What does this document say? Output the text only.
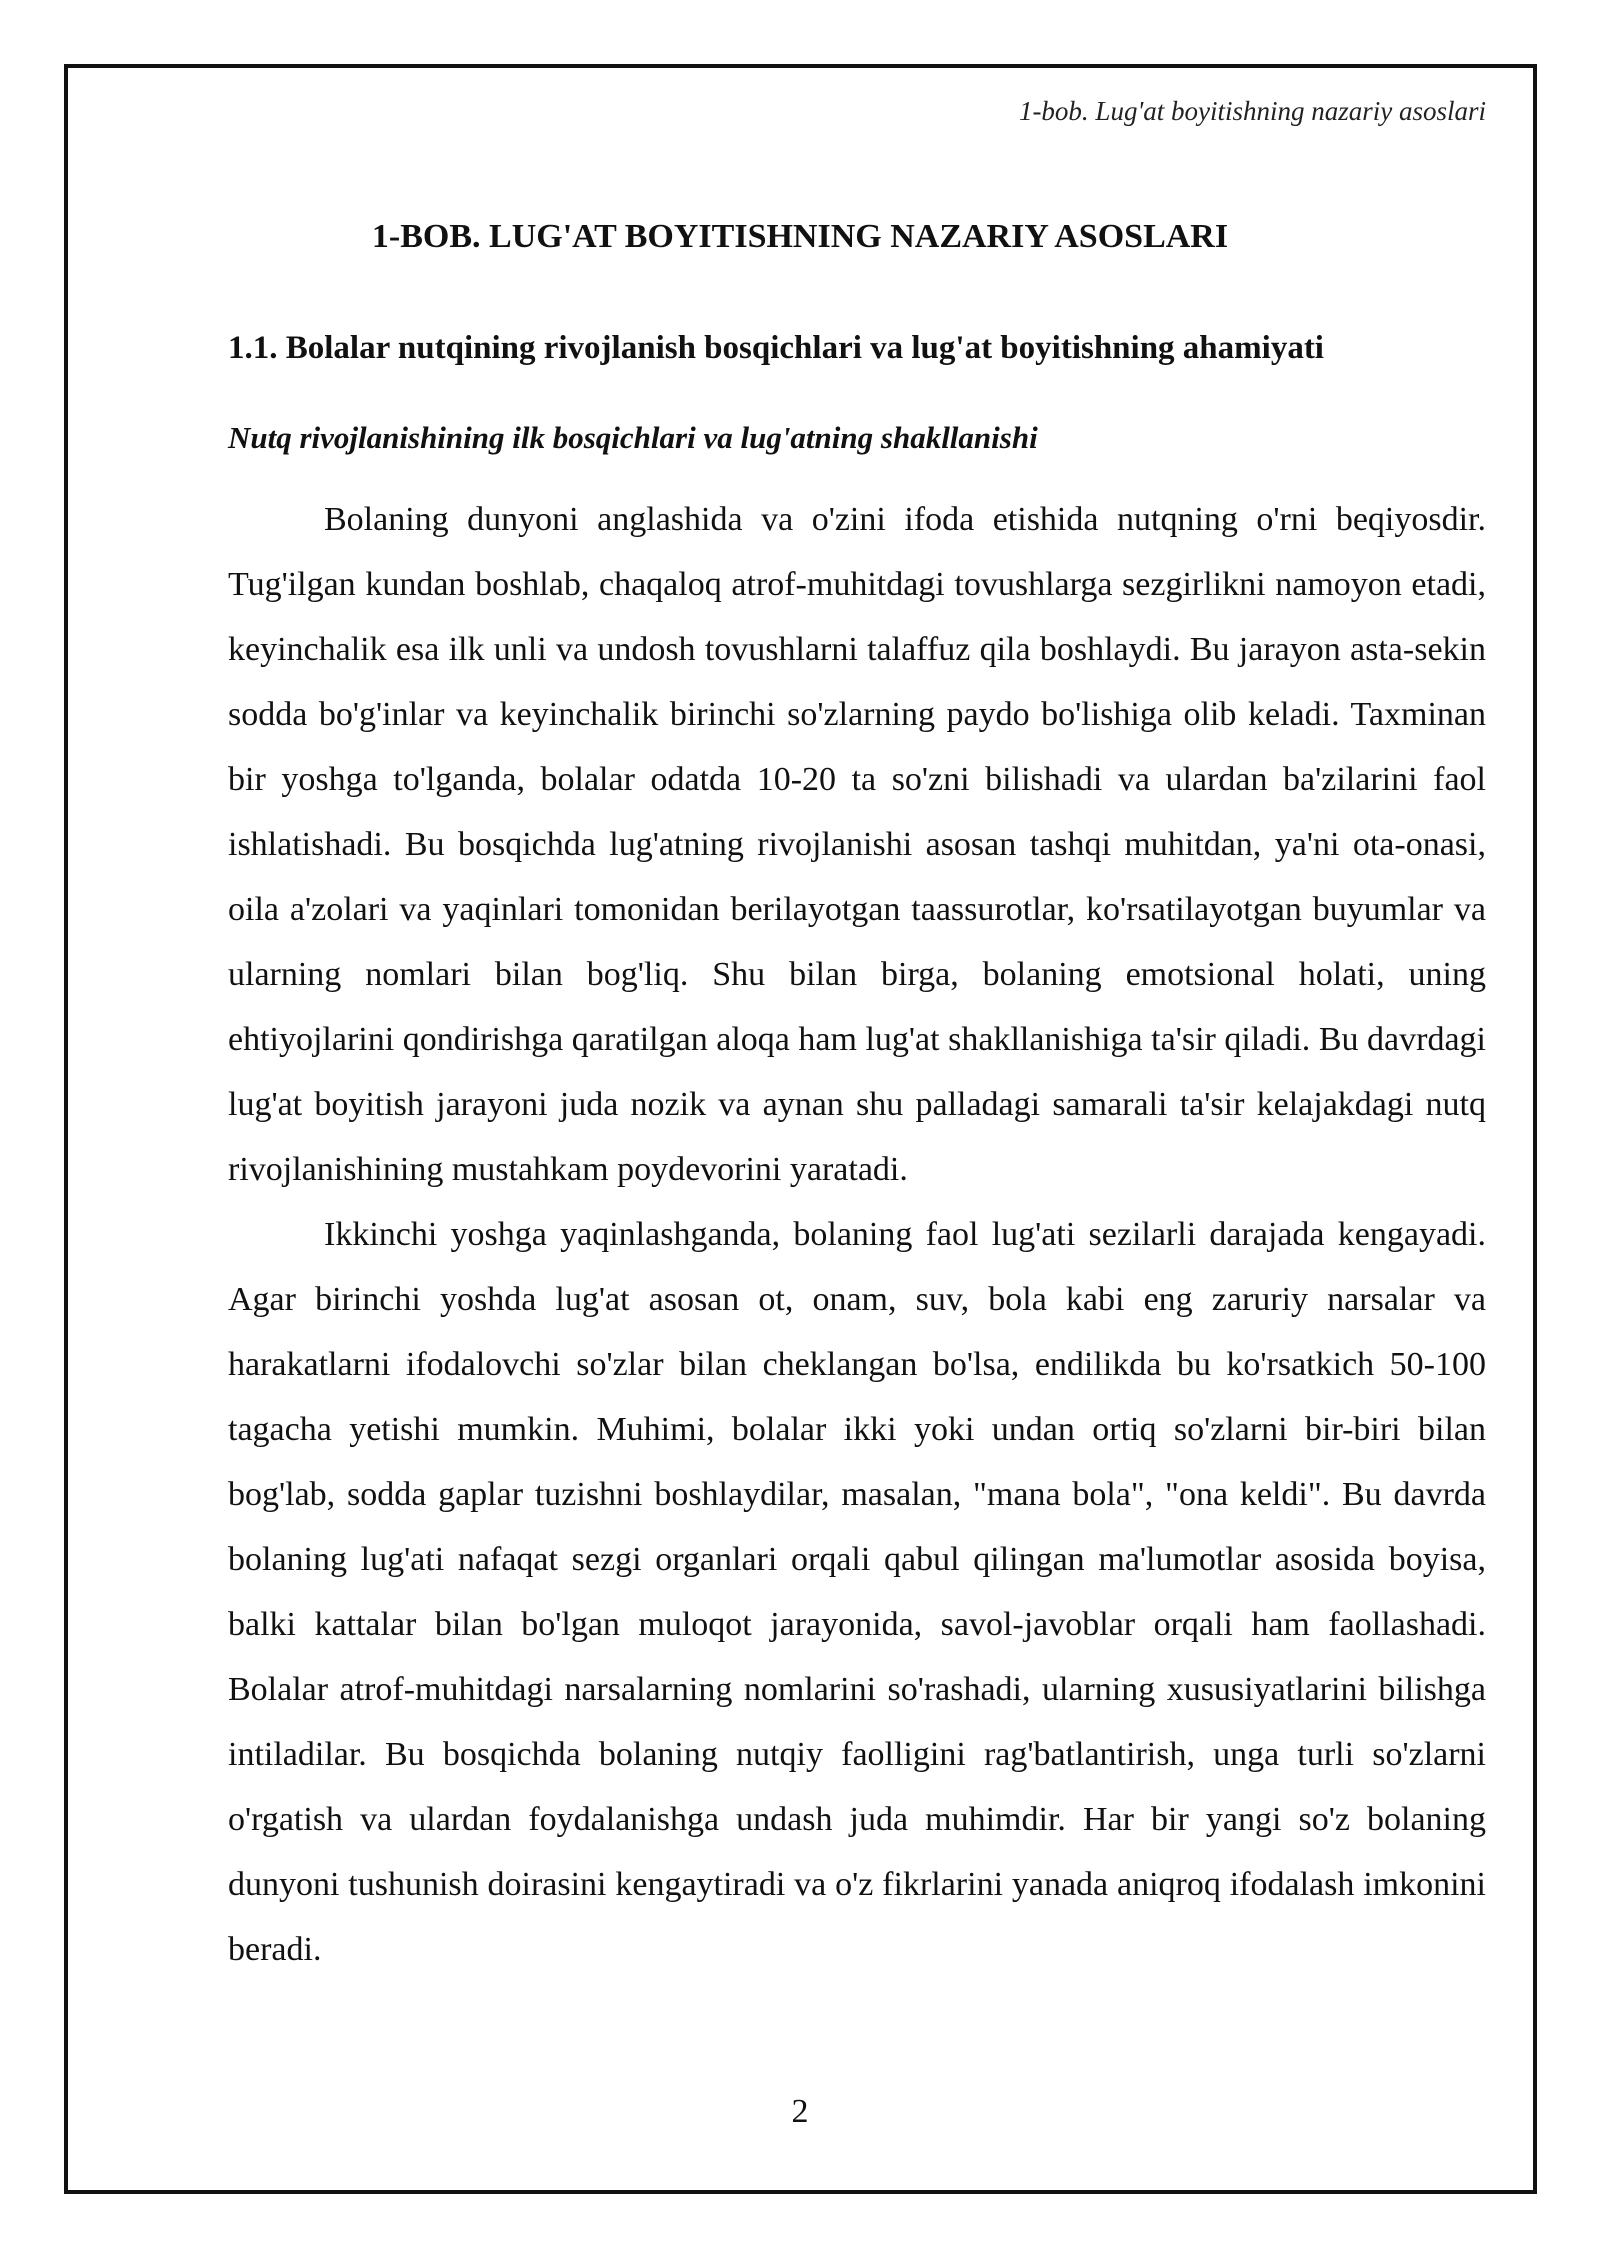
1-bob. Lug'at boyitishning nazariy asoslari
1-BOB. LUG'AT BOYITISHNING NAZARIY ASOSLARI
1.1. Bolalar nutqining rivojlanish bosqichlari va lug'at boyitishning ahamiyati
Nutq rivojlanishining ilk bosqichlari va lug'atning shakllanishi

Bolaning dunyoni anglashida va o'zini ifoda etishida nutqning o'rni beqiyosdir. Tug'ilgan kundan boshlab, chaqaloq atrof-muhitdagi tovushlarga sezgirlikni namoyon etadi, keyinchalik esa ilk unli va undosh tovushlarni talaffuz qila boshlaydi. Bu jarayon asta-sekin sodda bo'g'inlar va keyinchalik birinchi so'zlarning paydo bo'lishiga olib keladi. Taxminan bir yoshga to'lganda, bolalar odatda 10-20 ta so'zni bilishadi va ulardan ba'zilarini faol ishlatishadi. Bu bosqichda lug'atning rivojlanishi asosan tashqi muhitdan, ya'ni ota-onasi, oila a'zolari va yaqinlari tomonidan berilayotgan taassurotlar, ko'rsatilayotgan buyumlar va ularning nomlari bilan bog'liq. Shu bilan birga, bolaning emotsional holati, uning ehtiyojlarini qondirishga qaratilgan aloqa ham lug'at shakllanishiga ta'sir qiladi. Bu davrdagi lug'at boyitish jarayoni juda nozik va aynan shu palladagi samarali ta'sir kelajakdagi nutq rivojlanishining mustahkam poydevorini yaratadi.

Ikkinchi yoshga yaqinlashganda, bolaning faol lug'ati sezilarli darajada kengayadi. Agar birinchi yoshda lug'at asosan ot, onam, suv, bola kabi eng zaruriy narsalar va harakatlarni ifodalovchi so'zlar bilan cheklangan bo'lsa, endilikda bu ko'rsatkich 50-100 tagacha yetishi mumkin. Muhimi, bolalar ikki yoki undan ortiq so'zlarni bir-biri bilan bog'lab, sodda gaplar tuzishni boshlaydilar, masalan, "mana bola", "ona keldi". Bu davrda bolaning lug'ati nafaqat sezgi organlari orqali qabul qilingan ma'lumotlar asosida boyisa, balki kattalar bilan bo'lgan muloqot jarayonida, savol-javoblar orqali ham faollashadi. Bolalar atrof-muhitdagi narsalarning nomlarini so'rashadi, ularning xususiyatlarini bilishga intiladilar. Bu bosqichda bolaning nutqiy faolligini rag'batlantirish, unga turli so'zlarni o'rgatish va ulardan foydalanishga undash juda muhimdir. Har bir yangi so'z bolaning dunyoni tushunish doirasini kengaytiradi va o'z fikrlarini yanada aniqroq ifodalash imkonini beradi.

2
